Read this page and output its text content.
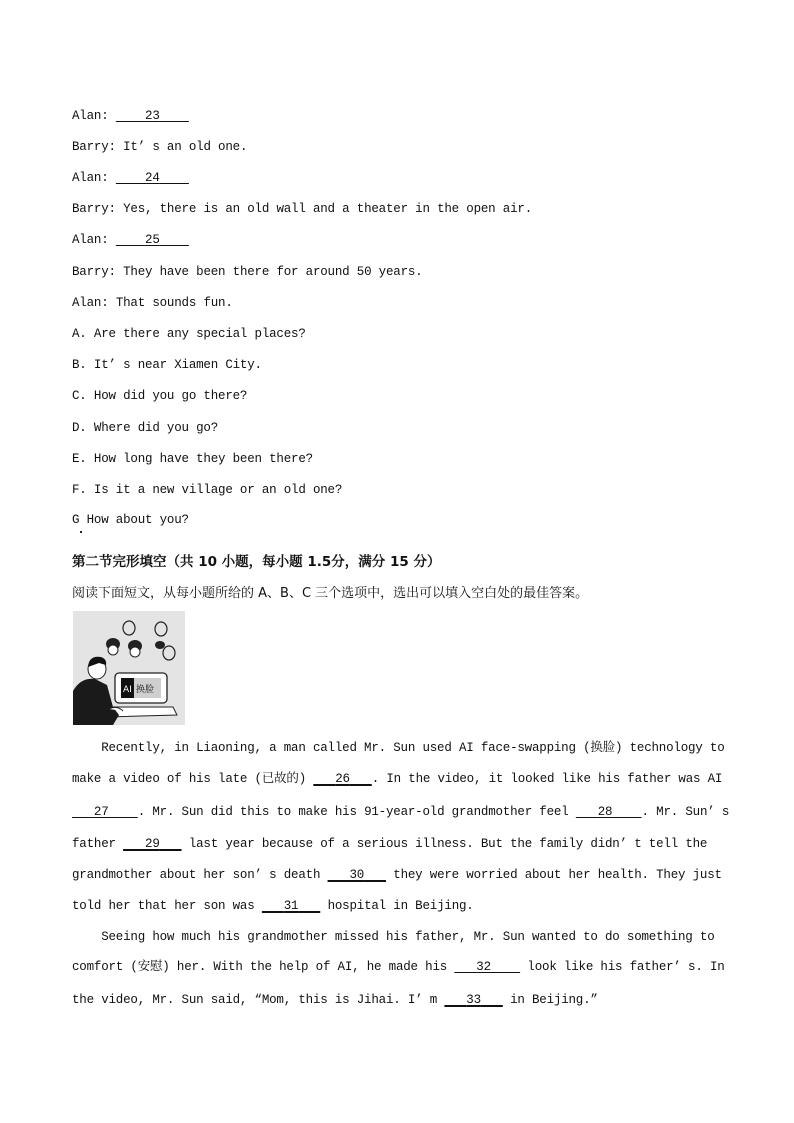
Alan:	23
Barry: It’ s an old one.
Alan:	24
Barry: Yes, there is an old wall and a theater in the open air.
Alan:	25
Barry: They have been there for around 50 years.
Alan: That sounds fun.
A. Are there any special places?
B. It’ s near Xiamen City.
C. How did you go there?
D. Where did you go?
E. How long have they been there?
F. Is it a new village or an old one?
G How about you?
第二节完形填空（共 10 小题，每小题 1.5分，满分 15 分）
阅读下面短文，从每小题所给的 A、B、C 三个选项中，选出可以填入空白处的最佳答案。
AI 换脸
Recently, in Liaoning, a man called Mr. Sun used AI face-swapping (换脸) technology to
make a video of his late (已故的)    26 . In the video, it looked like his father was AI
27 . Mr. Sun did this to make his 91-year-old grandmother feel    28 . Mr. Sun’ s
father    29    last year because of a serious illness. But the family didn’ t tell the
grandmother about her son’ s death    30    they were worried about her health. They just
told her that her son was    31    hospital in Beijing.
Seeing how much his grandmother missed his father, Mr. Sun wanted to do something to
comfort (安慰) her. With the help of AI, he made his    32     look like his father’ s. In
the video, Mr. Sun said, “Mom, this is Jihai. I’ m    33    in Beijing.”
